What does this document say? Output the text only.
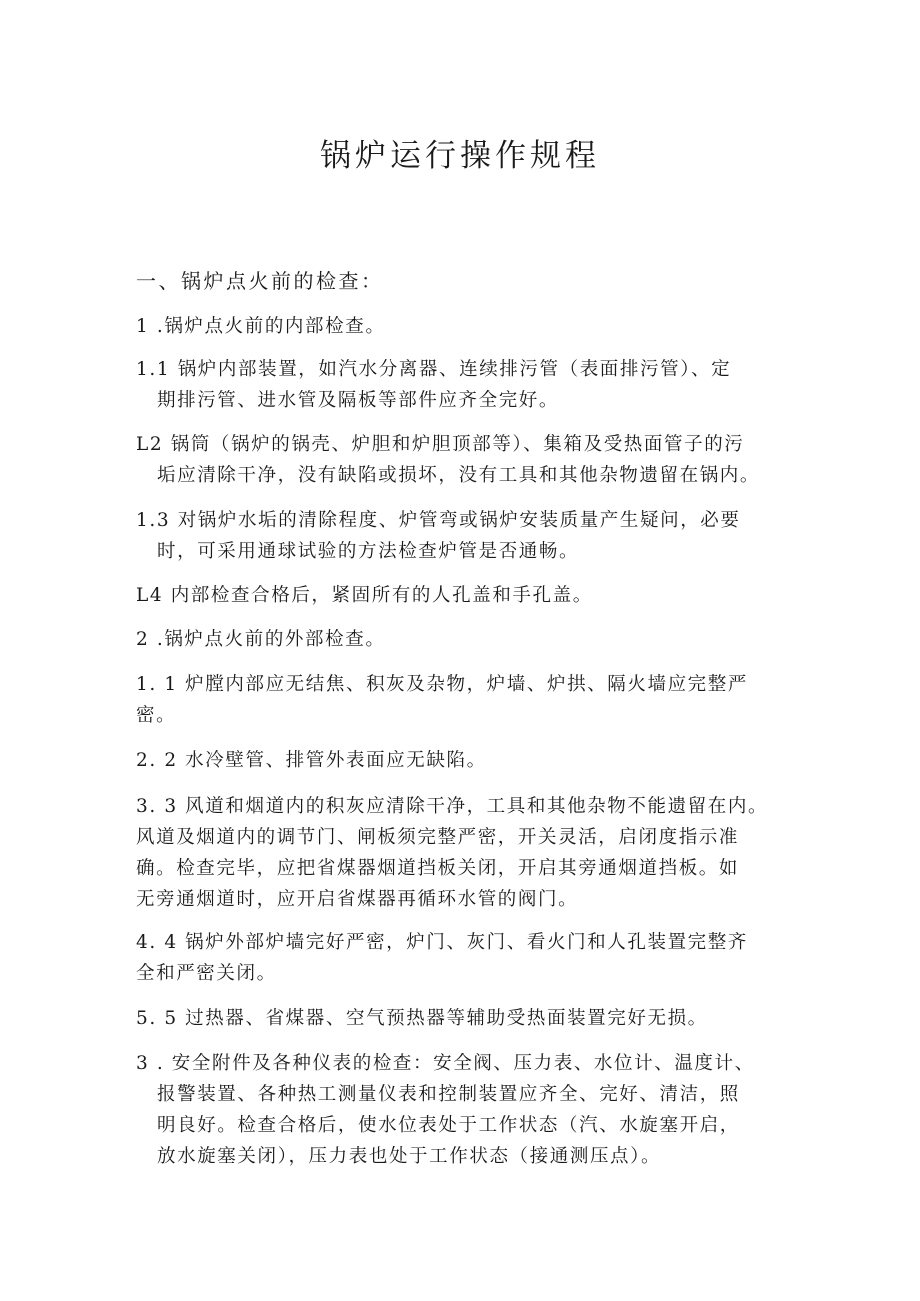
锅炉运行操作规程
一、锅炉点火前的检查：
1 .锅炉点火前的内部检查。
1.1 锅炉内部装置，如汽水分离器、连续排污管（表面排污管）、定
期排污管、进水管及隔板等部件应齐全完好。
L2 锅筒（锅炉的锅壳、炉胆和炉胆顶部等）、集箱及受热面管子的污
垢应清除干净，没有缺陷或损坏，没有工具和其他杂物遗留在锅内。
1.3 对锅炉水垢的清除程度、炉管弯或锅炉安装质量产生疑问，必要
时，可采用通球试验的方法检查炉管是否通畅。
L4 内部检查合格后，紧固所有的人孔盖和手孔盖。
2 .锅炉点火前的外部检查。
1. 1 炉膛内部应无结焦、积灰及杂物，炉墙、炉拱、隔火墙应完整严
密。
2. 2 水冷壁管、排管外表面应无缺陷。
3. 3 风道和烟道内的积灰应清除干净，工具和其他杂物不能遗留在内。
风道及烟道内的调节门、闸板须完整严密，开关灵活，启闭度指示准
确。检查完毕，应把省煤器烟道挡板关闭，开启其旁通烟道挡板。如
无旁通烟道时，应开启省煤器再循环水管的阀门。
4. 4 锅炉外部炉墙完好严密，炉门、灰门、看火门和人孔装置完整齐
全和严密关闭。
5. 5 过热器、省煤器、空气预热器等辅助受热面装置完好无损。
3 . 安全附件及各种仪表的检查：安全阀、压力表、水位计、温度计、
报警装置、各种热工测量仪表和控制装置应齐全、完好、清洁，照
明良好。检查合格后，使水位表处于工作状态（汽、水旋塞开启，
放水旋塞关闭），压力表也处于工作状态（接通测压点）。
